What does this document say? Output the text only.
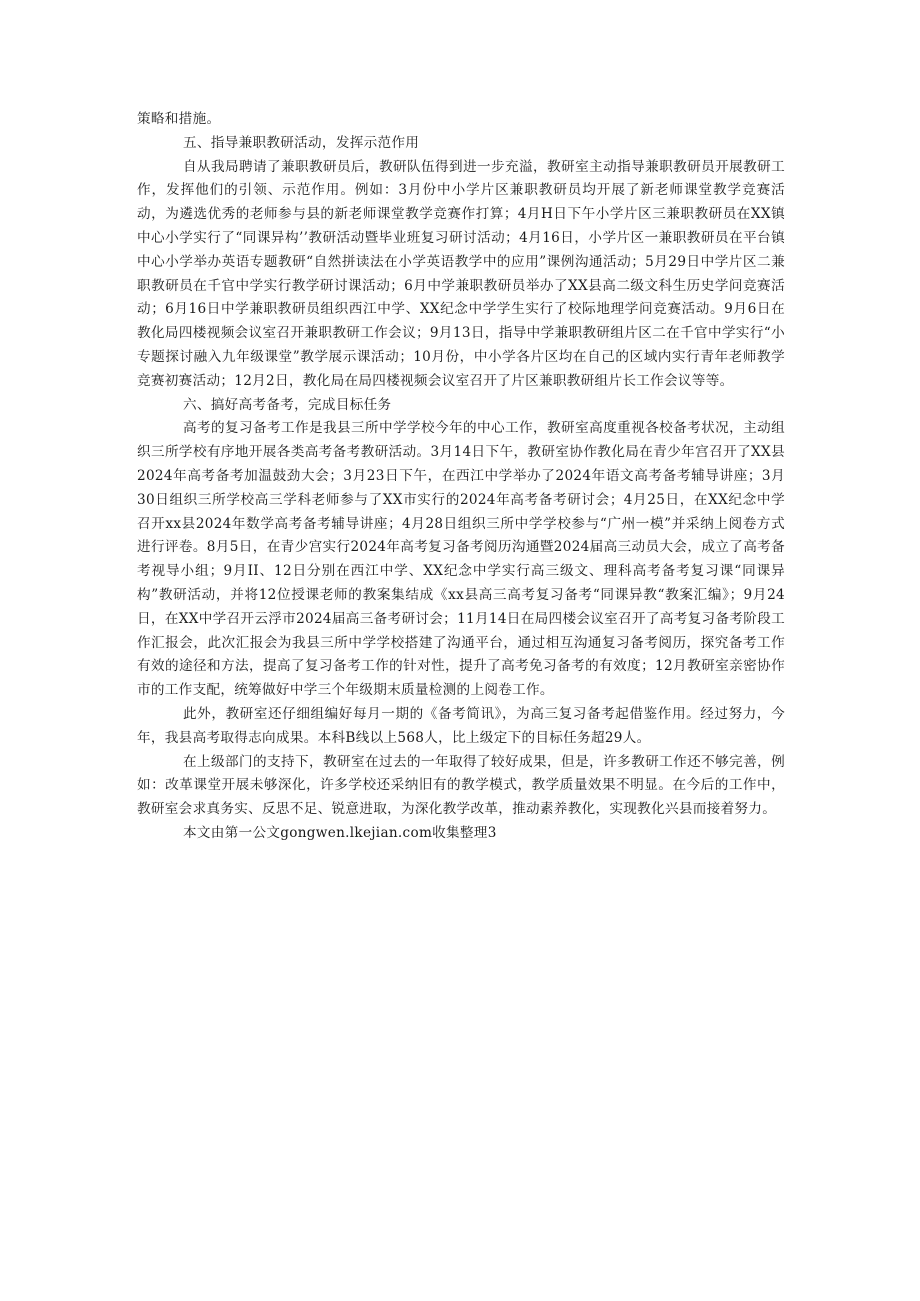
策略和措施。

五、指导兼职教研活动，发挥示范作用

自从我局聘请了兼职教研员后，教研队伍得到进一步充溢，教研室主动指导兼职教研员开展教研工作，发挥他们的引领、示范作用。例如：3月份中小学片区兼职教研员均开展了新老师课堂教学竞赛活动，为遴选优秀的老师参与县的新老师课堂教学竞赛作打算；4月H日下午小学片区三兼职教研员在XX镇中心小学实行了“同课异构’’教研活动暨毕业班复习研讨活动；4月16日，小学片区一兼职教研员在平台镇中心小学举办英语专题教研“自然拼读法在小学英语教学中的应用”课例沟通活动；5月29日中学片区二兼职教研员在千官中学实行教学研讨课活动；6月中学兼职教研员举办了XX县高二级文科生历史学问竞赛活动；6月16日中学兼职教研员组织西江中学、XX纪念中学学生实行了校际地理学问竞赛活动。9月6日在教化局四楼视频会议室召开兼职教研工作会议；9月13日，指导中学兼职教研组片区二在千官中学实行“小专题探讨融入九年级课堂”教学展示课活动；10月份，中小学各片区均在自己的区域内实行青年老师教学竞赛初赛活动；12月2日，教化局在局四楼视频会议室召开了片区兼职教研组片长工作会议等等。

六、搞好高考备考，完成目标任务

高考的复习备考工作是我县三所中学学校今年的中心工作，教研室高度重视各校备考状况，主动组织三所学校有序地开展各类高考备考教研活动。3月14日下午，教研室协作教化局在青少年宫召开了XX县2024年高考备考加温鼓劲大会；3月23日下午，在西江中学举办了2024年语文高考备考辅导讲座；3月30日组织三所学校高三学科老师参与了XX市实行的2024年高考备考研讨会；4月25日，在XX纪念中学召开xx县2024年数学高考备考辅导讲座；4月28日组织三所中学学校参与“广州一模”并采纳上阅卷方式进行评卷。8月5日，在青少宫实行2024年高考复习备考阅历沟通暨2024届高三动员大会，成立了高考备考视导小组；9月II、12日分别在西江中学、XX纪念中学实行高三级文、理科高考备考复习课“同课异构”教研活动，并将12位授课老师的教案集结成《xx县高三高考复习备考“同课异教“教案汇编》；9月24日，在XX中学召开云浮市2024届高三备考研讨会；11月14日在局四楼会议室召开了高考复习备考阶段工作汇报会，此次汇报会为我县三所中学学校搭建了沟通平台，通过相互沟通复习备考阅历，探究备考工作有效的途径和方法，提高了复习备考工作的针对性，提升了高考免习备考的有效度；12月教研室亲密协作市的工作支配，统筹做好中学三个年级期末质量检测的上阅卷工作。

此外，教研室还仔细组编好每月一期的《备考简讯》，为高三复习备考起借鉴作用。经过努力，今年，我县高考取得志向成果。本科B线以上568人，比上级定下的目标任务超29人。

在上级部门的支持下，教研室在过去的一年取得了较好成果，但是，许多教研工作还不够完善，例如：改革课堂开展未够深化，许多学校还采纳旧有的教学模式，教学质量效果不明显。在今后的工作中，教研室会求真务实、反思不足、锐意进取，为深化教学改革，推动素养教化，实现教化兴县而接着努力。

本文由第一公文gongwen.lkejian.com收集整理3
